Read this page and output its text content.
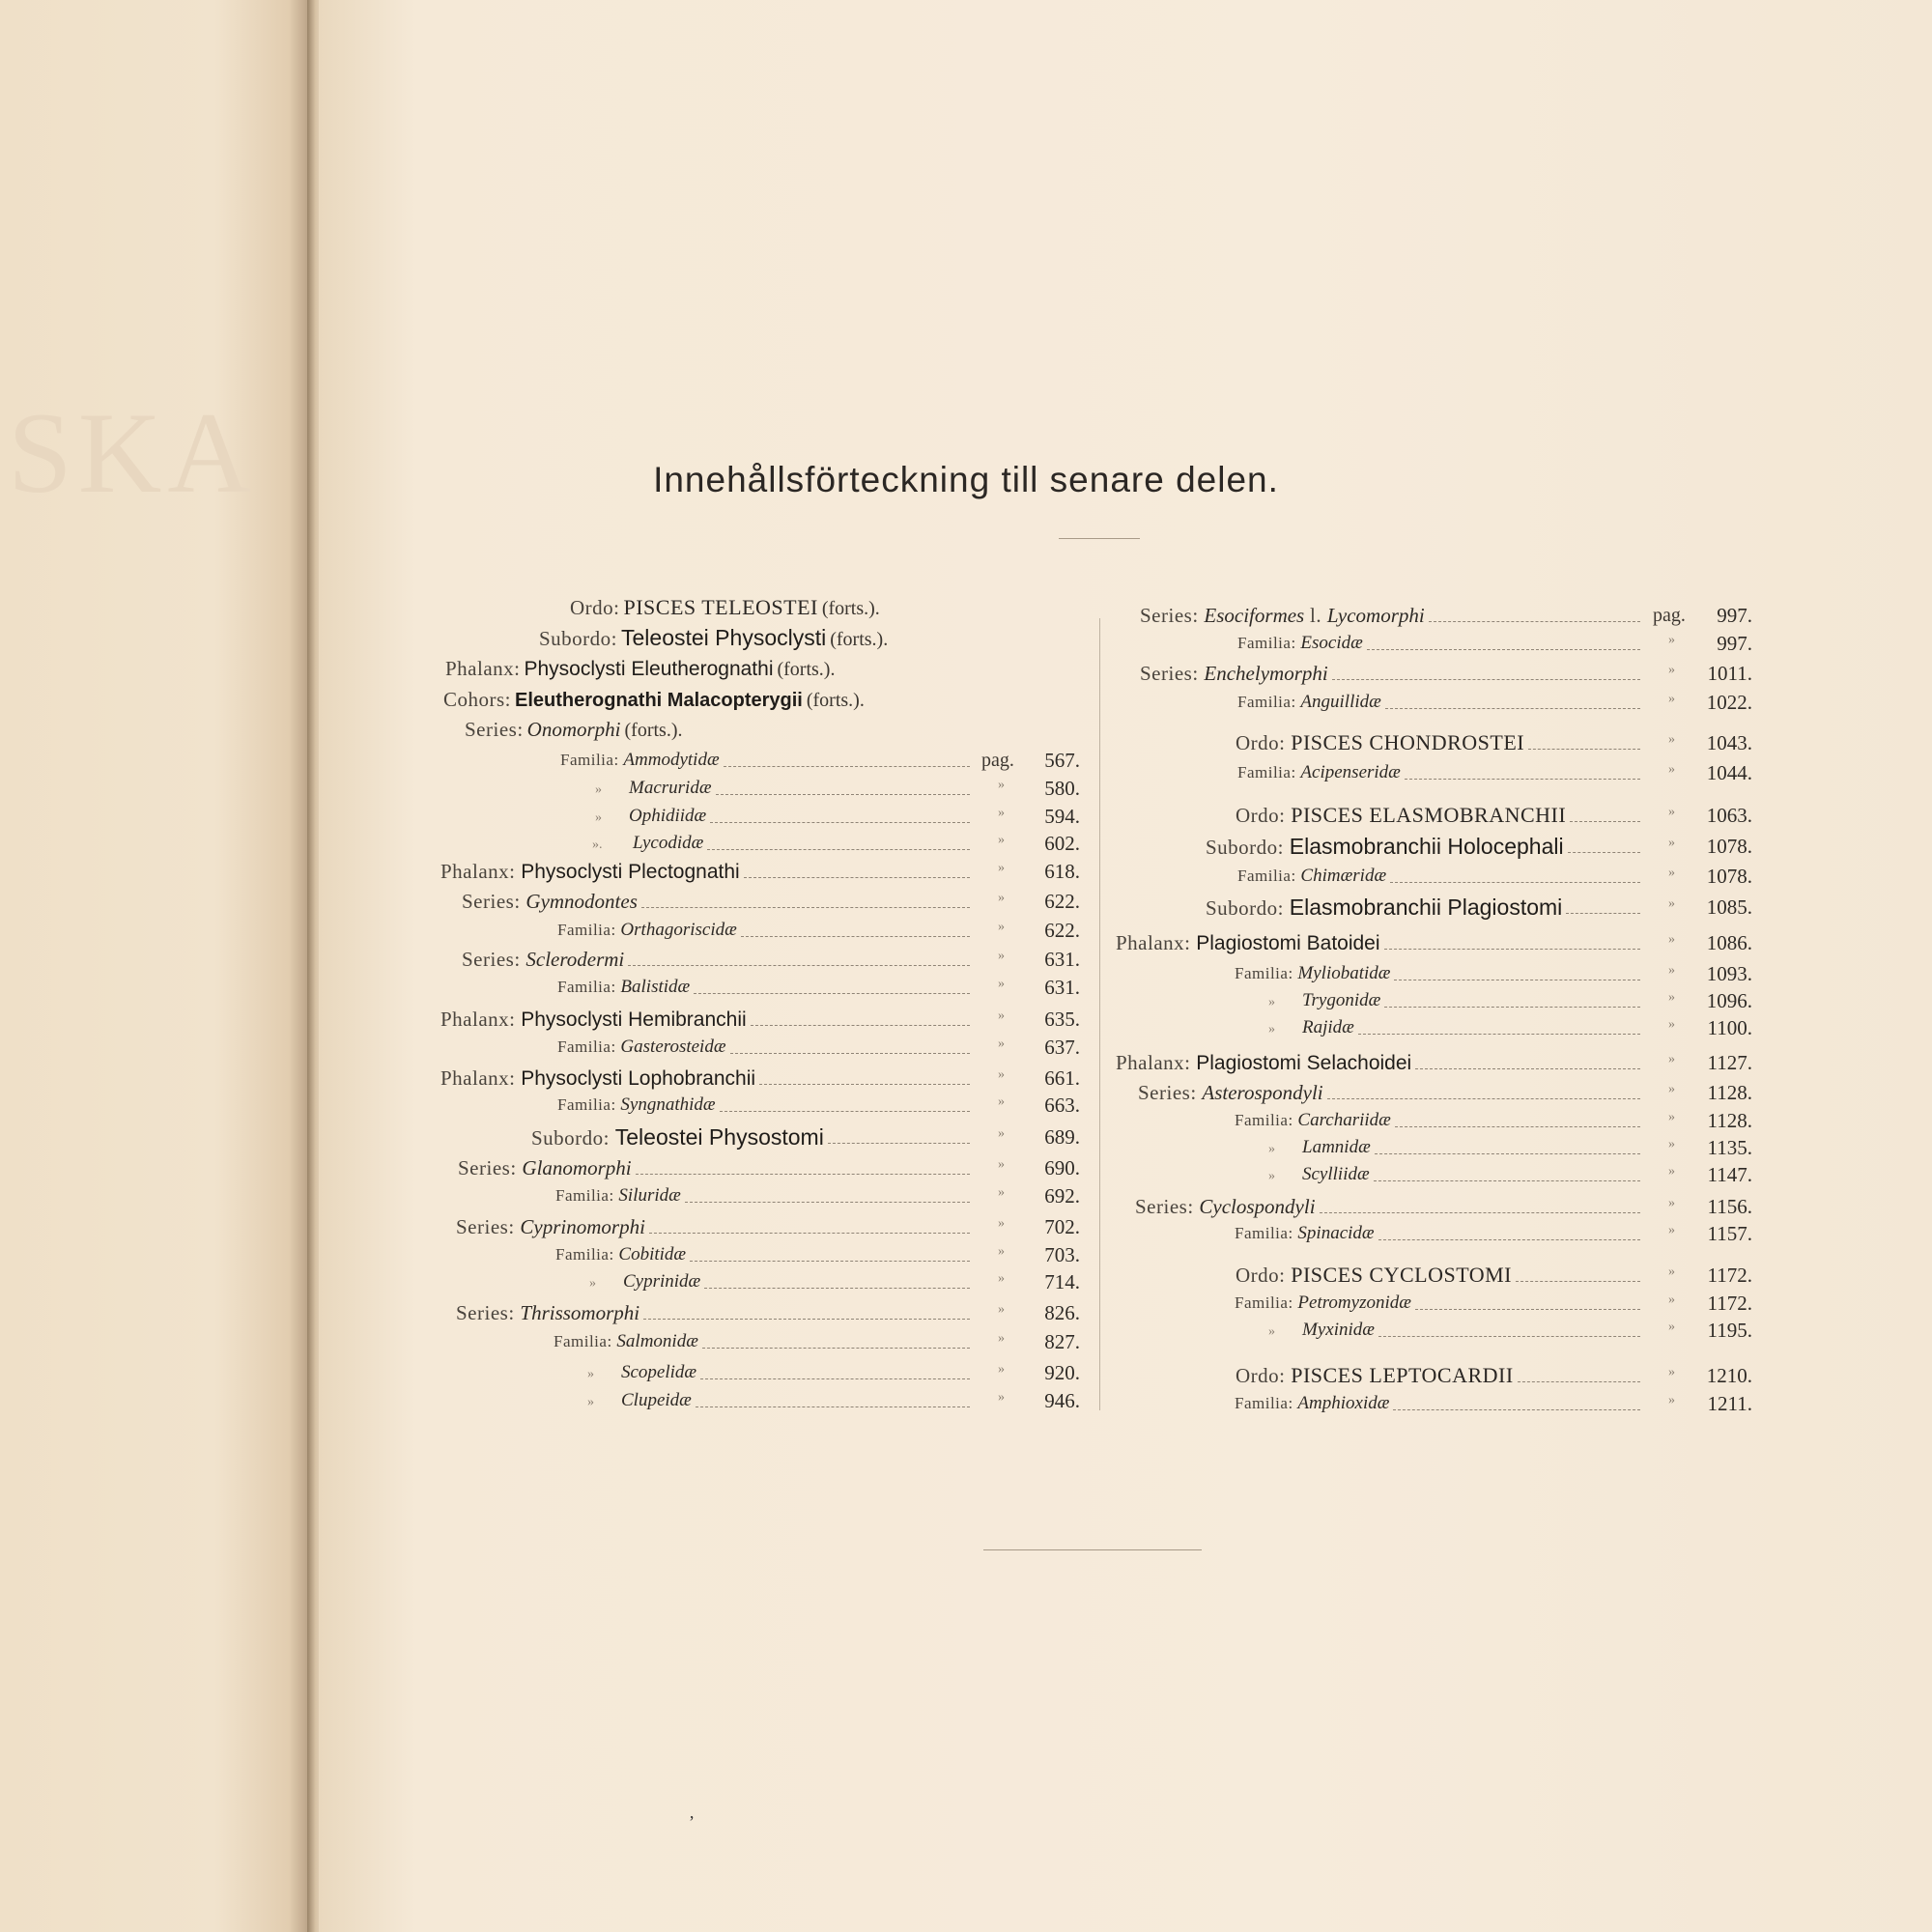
SKA	Innehållsförteckning till senare delen.
’
Ordo: PISCES TELEOSTEI (forts.).
Subordo: Teleostei Physoclysti (forts.).
Phalanx: Physoclysti Eleutherognathi (forts.).
Cohors: Eleutherognathi Malacopterygii (forts.).
Series: Onomorphi (forts.).
Familia: Ammodytidæ	pag.	567.
»        Macruridæ	»	580.
»        Ophidiidæ	»	594.
».         Lycodidæ	»	602.
Phalanx: Physoclysti Plectognathi	»	618.
Series: Gymnodontes	»	622.
Familia: Orthagoriscidæ	»	622.
Series: Sclerodermi	»	631.
Familia: Balistidæ	»	631.
Phalanx: Physoclysti Hemibranchii	»	635.
Familia: Gasterosteidæ	»	637.
Phalanx: Physoclysti Lophobranchii	»	661.
Familia: Syngnathidæ	»	663.
Subordo: Teleostei Physostomi	»	689.
Series: Glanomorphi	»	690.
Familia: Siluridæ	»	692.
Series: Cyprinomorphi	»	702.
Familia: Cobitidæ	»	703.
»        Cyprinidæ	»	714.
Series: Thrissomorphi	»	826.
Familia: Salmonidæ	»	827.
»        Scopelidæ	»	920.
»        Clupeidæ	»	946.
Series: Esociformes l. Lycomorphi	pag.	997.
Familia: Esocidæ	»	997.
Series: Enchelymorphi	»	1011.
Familia: Anguillidæ	»	1022.
Ordo: PISCES CHONDROSTEI	»	1043.
Familia: Acipenseridæ	»	1044.
Ordo: PISCES ELASMOBRANCHII	»	1063.
Subordo: Elasmobranchii Holocephali	»	1078.
Familia: Chimæridæ	»	1078.
Subordo: Elasmobranchii Plagiostomi	»	1085.
Phalanx: Plagiostomi Batoidei	»	1086.
Familia: Myliobatidæ	»	1093.
»        Trygonidæ	»	1096.
»        Rajidæ	»	1100.
Phalanx: Plagiostomi Selachoidei	»	1127.
Series: Asterospondyli	»	1128.
Familia: Carchariidæ	»	1128.
»        Lamnidæ	»	1135.
»        Scylliidæ	»	1147.
Series: Cyclospondyli	»	1156.
Familia: Spinacidæ	»	1157.
Ordo: PISCES CYCLOSTOMI	»	1172.
Familia: Petromyzonidæ	»	1172.
»        Myxinidæ	»	1195.
Ordo: PISCES LEPTOCARDII	»	1210.
Familia: Amphioxidæ	»	1211.
